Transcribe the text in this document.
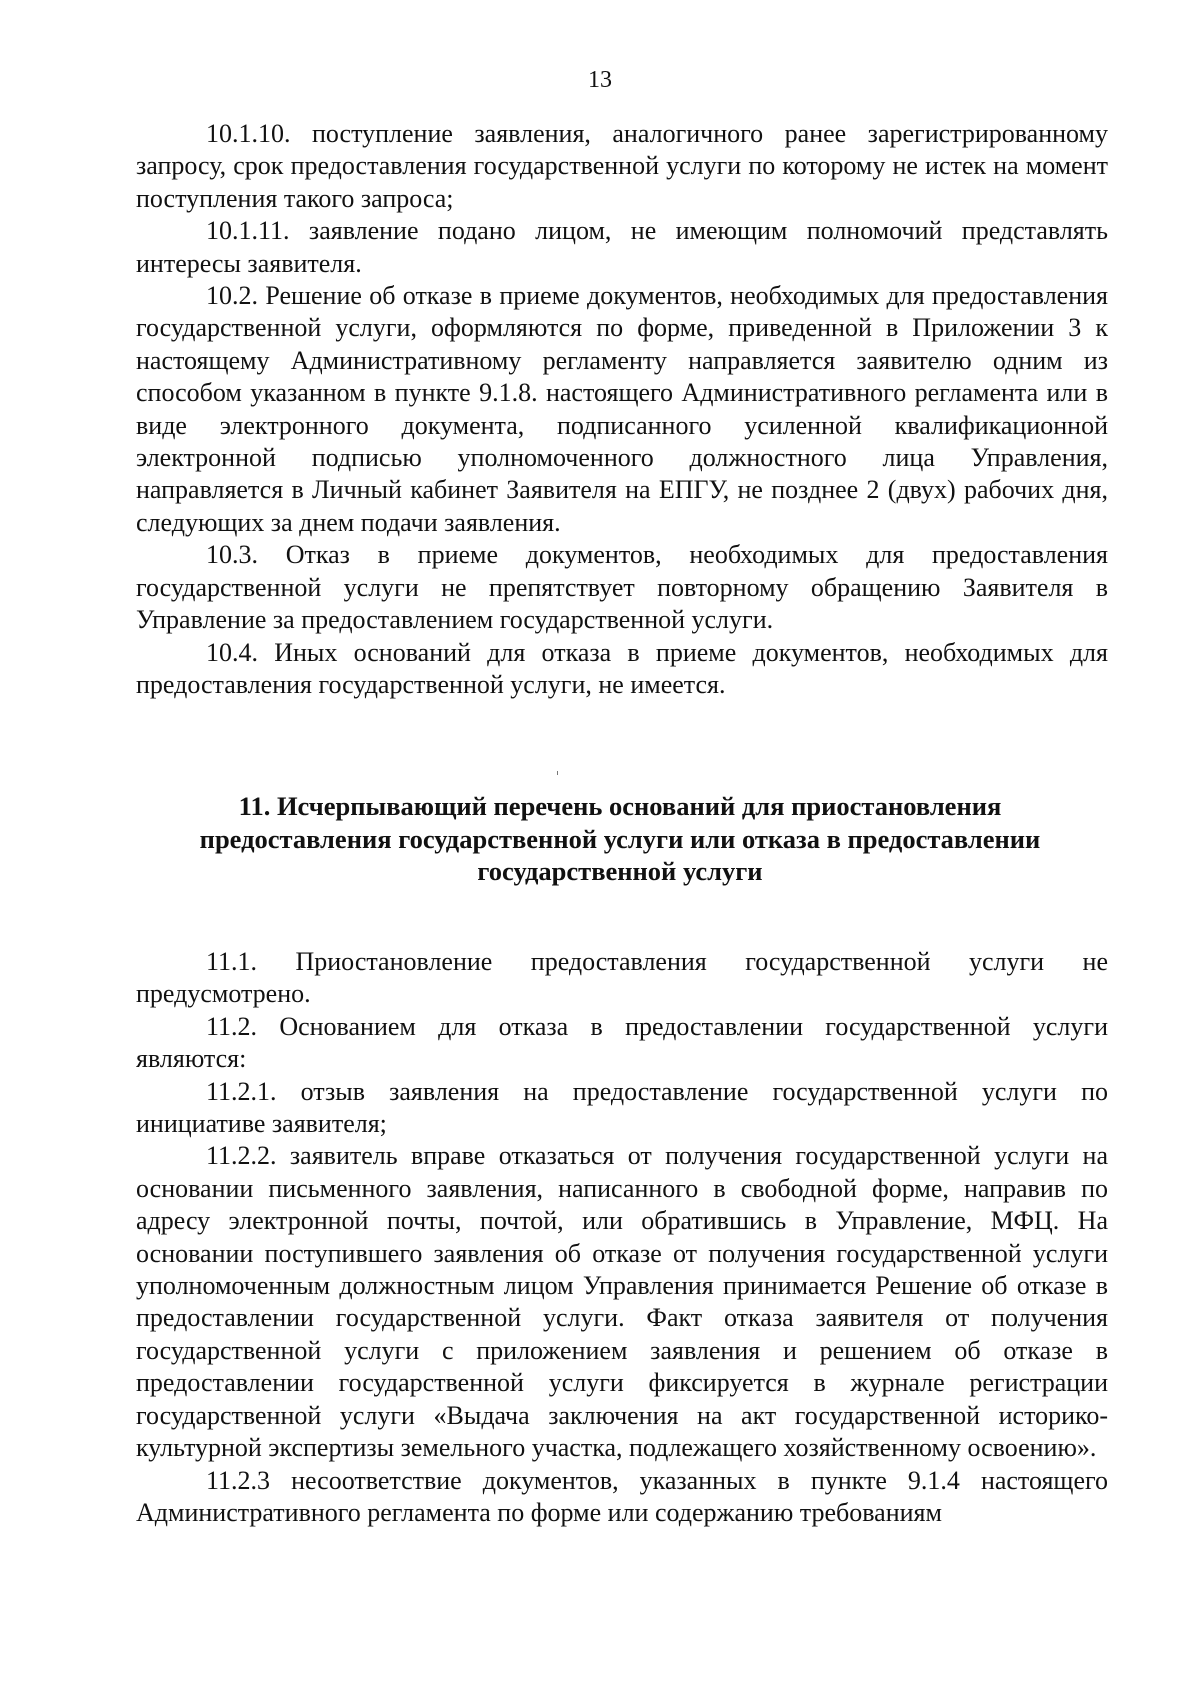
13

10.1.10. поступление заявления, аналогичного ранее зарегистрированному запросу, срок предоставления государственной услуги по которому не истек на момент поступления такого запроса;

10.1.11. заявление подано лицом, не имеющим полномочий представлять интересы заявителя.

10.2. Решение об отказе в приеме документов, необходимых для предоставления государственной услуги, оформляются по форме, приведенной в Приложении 3 к настоящему Административному регламенту направляется заявителю одним из способом указанном в пункте 9.1.8. настоящего Административного регламента или в виде электронного документа, подписанного усиленной квалификационной электронной подписью уполномоченного должностного лица Управления, направляется в Личный кабинет Заявителя на ЕПГУ, не позднее 2 (двух) рабочих дня, следующих за днем подачи заявления.

10.3. Отказ в приеме документов, необходимых для предоставления государственной услуги не препятствует повторному обращению Заявителя в Управление за предоставлением государственной услуги.

10.4. Иных оснований для отказа в приеме документов, необходимых для предоставления государственной услуги, не имеется.

11. Исчерпывающий перечень оснований для приостановления

предоставления государственной услуги или отказа в предоставлении

государственной услуги

11.1. Приостановление предоставления государственной услуги не предусмотрено.

11.2. Основанием для отказа в предоставлении государственной услуги являются:

11.2.1. отзыв заявления на предоставление государственной услуги по инициативе заявителя;

11.2.2. заявитель вправе отказаться от получения государственной услуги на основании письменного заявления, написанного в свободной форме, направив по адресу электронной почты, почтой, или обратившись в Управление, МФЦ. На основании поступившего заявления об отказе от получения государственной услуги уполномоченным должностным лицом Управления принимается Решение об отказе в предоставлении государственной услуги. Факт отказа заявителя от получения государственной услуги с приложением заявления и решением об отказе в предоставлении государственной услуги фиксируется в журнале регистрации государственной услуги «Выдача заключения на акт государственной историко-культурной экспертизы земельного участка, подлежащего хозяйственному освоению».

11.2.3 несоответствие документов, указанных в пункте 9.1.4 настоящего Административного регламента по форме или содержанию требованиям
